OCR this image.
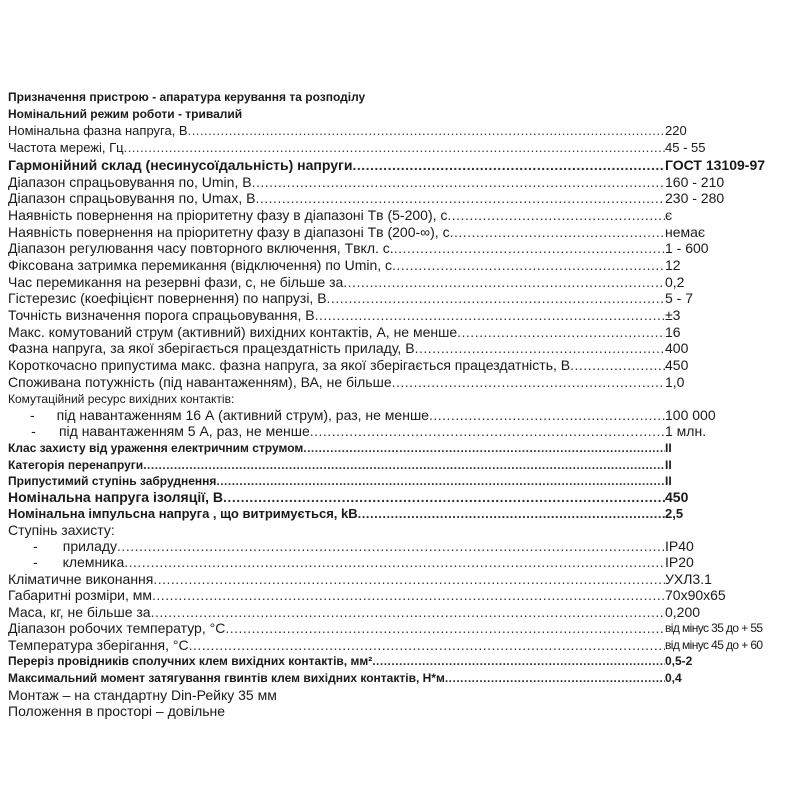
Призначення пристрою - апаратура керування та розподілу
Номінальний режим роботи - тривалий
Номінальна фазна напруга, В .....	220
Частота мережі, Гц .....	45 - 55
Гармонійний склад (несинусоїдальність) напруги .....	ГОСТ 13109-97
Діапазон спрацьовування по, Umin, В .....	160 - 210
Діапазон спрацьовування по, Umax, В .....	230 - 280
Наявність повернення на пріоритетну фазу в діапазоні Tв (5-200), с .....	є
Наявність повернення на пріоритетну фазу в діапазоні Tв (200-∞), с .....	немає
Діапазон регулювання часу повторного включення, Tвкл. с. .....	1 - 600
Фіксована затримка перемикання (відключення) по Umin, с .....	12
Час перемикання на резервні фази, с, не більше за .....	0,2
Гістерезис (коефіцієнт повернення) по напрузі, В .....	5 - 7
Точність визначення порога спрацьовування, В .....	±3
Макс. комутований струм (активний) вихідних контактів, А, не менше .....	16
Фазна напруга, за якої зберігається працездатність приладу, В .....	400
Короткочасно припустима макс. фазна напруга, за якої зберігається працездатність, В .....	450
Споживана потужність (під навантаженням), ВА, не більше .....	1,0
Комутаційний ресурс вихідних контактів:
- під навантаженням 16 А (активний струм), раз, не менше .....	100 000
- під навантаженням 5 А, раз, не менше .....	1 млн.
Клас захисту від ураження електричним струмом .....	II
Категорія перенапруги .....	II
Припустимий ступінь забруднення .....	II
Номінальна напруга ізоляції, В .....	450
Номінальна імпульсна напруга , що витримується, kВ .....	2,5
Ступінь захисту:
- приладу .....	IP40
- клемника .....	IP20
Кліматичне виконання .....	УХЛ3.1
Габаритні розміри, мм .....	70x90x65
Маса, кг, не більше за .....	0,200
Діапазон робочих температур, °С .....	від мінус 35 до + 55
Температура зберігання, °С .....	від мінус 45 до + 60
Переріз провідників сполучних клем вихідних контактів, мм² .....	0,5-2
Максимальний момент затягування гвинтів клем вихідних контактів, Н*м .....	0,4
Монтаж – на стандартну Din-Рейку 35 мм
Положення в просторі – довільне
